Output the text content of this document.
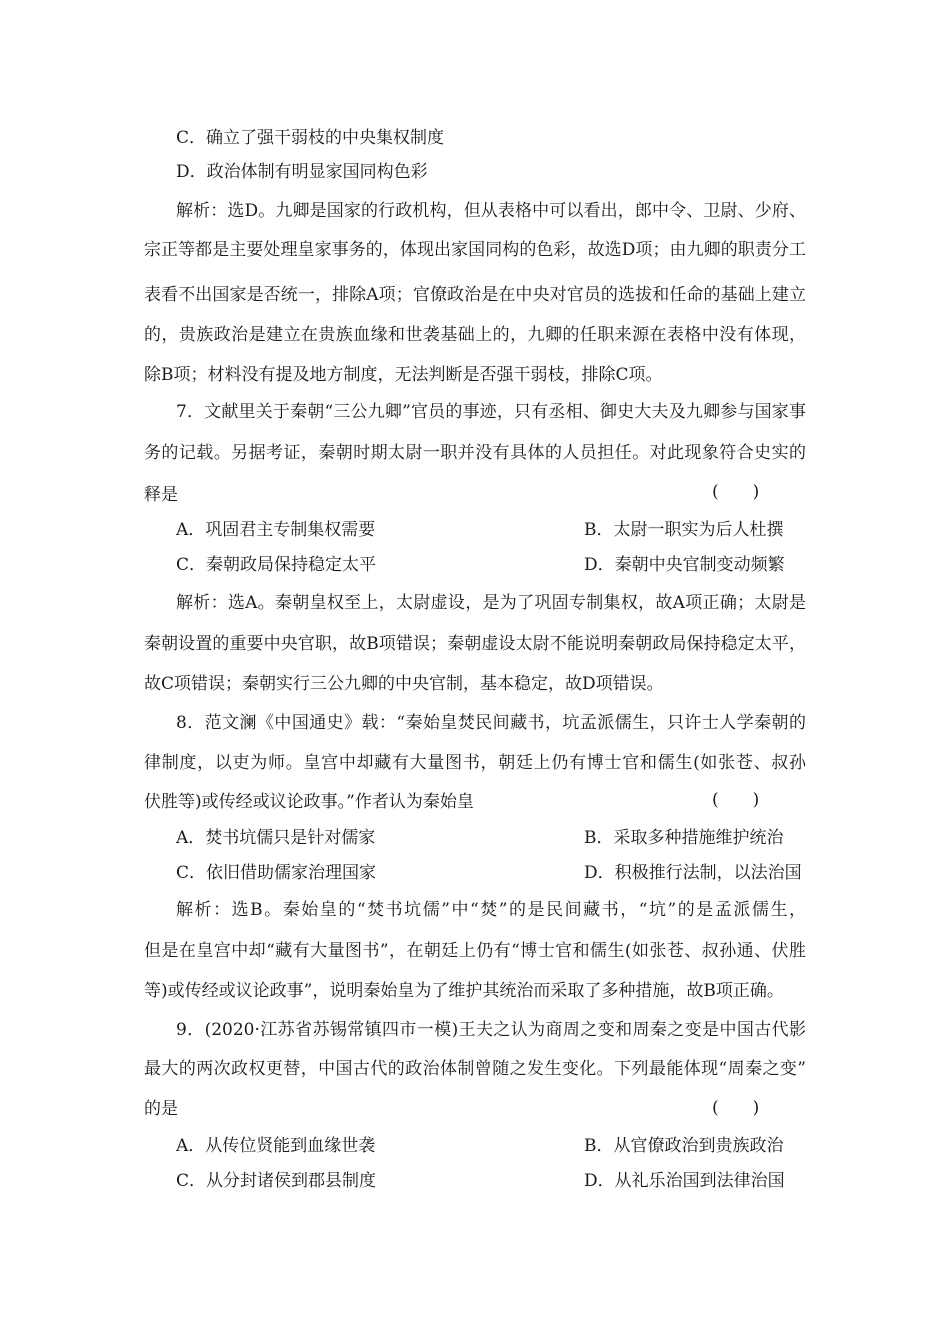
C．确立了强干弱枝的中央集权制度
D．政治体制有明显家国同构色彩
解析：选D。九卿是国家的行政机构，但从表格中可以看出，郎中令、卫尉、少府、
宗正等都是主要处理皇家事务的，体现出家国同构的色彩，故选D项；由九卿的职责分工
表看不出国家是否统一，排除A项；官僚政治是在中央对官员的选拔和任命的基础上建立
的，贵族政治是建立在贵族血缘和世袭基础上的，九卿的任职来源在表格中没有体现，
除B项；材料没有提及地方制度，无法判断是否强干弱枝，排除C项。
7．文献里关于秦朝“三公九卿”官员的事迹，只有丞相、御史大夫及九卿参与国家事
务的记载。另据考证，秦朝时期太尉一职并没有具体的人员担任。对此现象符合史实的
释是	(　　)
A．巩固君主专制集权需要	B．太尉一职实为后人杜撰
C．秦朝政局保持稳定太平	D．秦朝中央官制变动频繁
解析：选A。秦朝皇权至上，太尉虚设，是为了巩固专制集权，故A项正确；太尉是
秦朝设置的重要中央官职，故B项错误；秦朝虚设太尉不能说明秦朝政局保持稳定太平，
故C项错误；秦朝实行三公九卿的中央官制，基本稳定，故D项错误。
8．范文澜《中国通史》载：“秦始皇焚民间藏书，坑孟派儒生，只许士人学秦朝的
律制度，以吏为师。皇宫中却藏有大量图书，朝廷上仍有博士官和儒生(如张苍、叔孙
伏胜等)或传经或议论政事。”作者认为秦始皇	(　　)
A．焚书坑儒只是针对儒家	B．采取多种措施维护统治
C．依旧借助儒家治理国家	D．积极推行法制，以法治国
解析：选B。秦始皇的“焚书坑儒”中“焚”的是民间藏书，“坑”的是孟派儒生，
但是在皇宫中却“藏有大量图书”，在朝廷上仍有“博士官和儒生(如张苍、叔孙通、伏胜
等)或传经或议论政事”，说明秦始皇为了维护其统治而采取了多种措施，故B项正确。
9．(2020·江苏省苏锡常镇四市一模)王夫之认为商周之变和周秦之变是中国古代影
最大的两次政权更替，中国古代的政治体制曾随之发生变化。下列最能体现“周秦之变”
的是	(　　)
A．从传位贤能到血缘世袭	B．从官僚政治到贵族政治
C．从分封诸侯到郡县制度	D．从礼乐治国到法律治国
